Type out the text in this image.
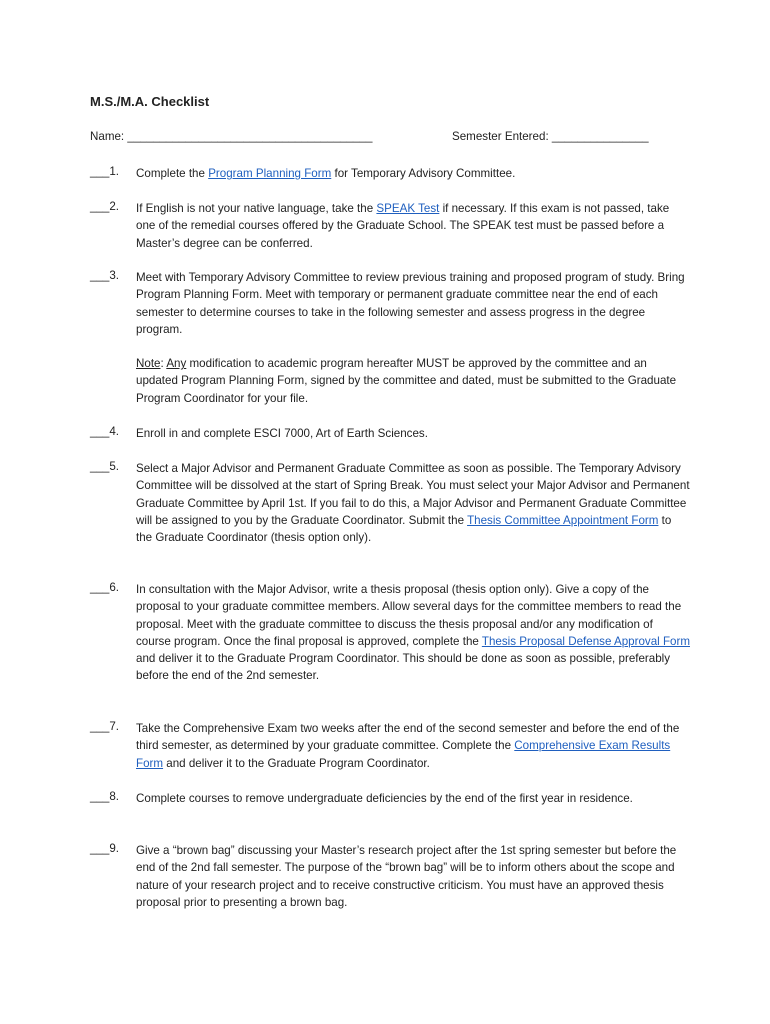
M.S./M.A. Checklist
Name: ______________________________________	Semester Entered: _______________
___1.	Complete the Program Planning Form for Temporary Advisory Committee.
___2.	If English is not your native language, take the SPEAK Test if necessary. If this exam is not passed, take one of the remedial courses offered by the Graduate School. The SPEAK test must be passed before a Master’s degree can be conferred.
___3.	Meet with Temporary Advisory Committee to review previous training and proposed program of study. Bring Program Planning Form. Meet with temporary or permanent graduate committee near the end of each semester to determine courses to take in the following semester and assess progress in the degree program.

Note: Any modification to academic program hereafter MUST be approved by the committee and an updated Program Planning Form, signed by the committee and dated, must be submitted to the Graduate Program Coordinator for your file.

___4.	Enroll in and complete ESCI 7000, Art of Earth Sciences.
___5.	Select a Major Advisor and Permanent Graduate Committee as soon as possible. The Temporary Advisory Committee will be dissolved at the start of Spring Break. You must select your Major Advisor and Permanent Graduate Committee by April 1st. If you fail to do this, a Major Advisor and Permanent Graduate Committee will be assigned to you by the Graduate Coordinator. Submit the Thesis Committee Appointment Form to the Graduate Coordinator (thesis option only).
___6.	In consultation with the Major Advisor, write a thesis proposal (thesis option only). Give a copy of the proposal to your graduate committee members. Allow several days for the committee members to read the proposal. Meet with the graduate committee to discuss the thesis proposal and/or any modification of course program. Once the final proposal is approved, complete the Thesis Proposal Defense Approval Form and deliver it to the Graduate Program Coordinator. This should be done as soon as possible, preferably before the end of the 2nd semester.
___7.	Take the Comprehensive Exam two weeks after the end of the second semester and before the end of the third semester, as determined by your graduate committee. Complete the Comprehensive Exam Results Form and deliver it to the Graduate Program Coordinator.
___8.	Complete courses to remove undergraduate deficiencies by the end of the first year in residence.
___9.	Give a “brown bag” discussing your Master’s research project after the 1st spring semester but before the end of the 2nd fall semester. The purpose of the “brown bag” will be to inform others about the scope and nature of your research project and to receive constructive criticism. You must have an approved thesis proposal prior to presenting a brown bag.
